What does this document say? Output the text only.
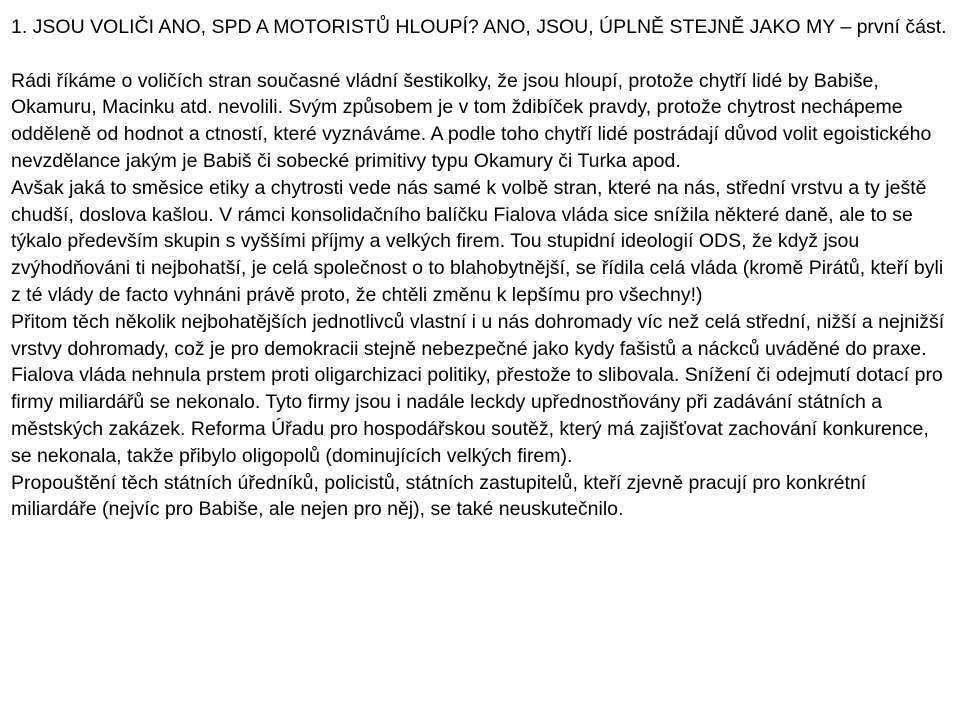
1. JSOU VOLIČI ANO, SPD A MOTORISTŮ HLOUPÍ? ANO, JSOU, ÚPLNĚ STEJNĚ JAKO MY – první část.

Rádi říkáme o voličích stran současné vládní šestikolky, že jsou hloupí, protože chytří lidé by Babiše, Okamuru, Macinku atd. nevolili. Svým způsobem je v tom ždibíček pravdy, protože chytrost nechápeme odděleně od hodnot a ctností, které vyznáváme. A podle toho chytří lidé postrádají důvod volit egoistického nevzdělance jakým je Babiš či sobecké primitivy typu Okamury či Turka apod.

Avšak jaká to směsice etiky a chytrosti vede nás samé k volbě stran, které na nás, střední vrstvu a ty ještě chudší, doslova kašlou. V rámci konsolidačního balíčku Fialova vláda sice snížila některé daně, ale to se týkalo především skupin s vyššími příjmy a velkých firem. Tou stupidní ideologií ODS, že když jsou zvýhodňováni ti nejbohatší, je celá společnost o to blahobytnější, se řídila celá vláda (kromě Pirátů, kteří byli z té vlády de facto vyhnáni právě proto, že chtěli změnu k lepšímu pro všechny!)

Přitom těch několik nejbohatějších jednotlivců vlastní i u nás dohromady víc než celá střední, nižší a nejnižší vrstvy dohromady, což je pro demokracii stejně nebezpečné jako kydy fašistů a náckců uváděné do praxe.

Fialova vláda nehnula prstem proti oligarchizaci politiky, přestože to slibovala. Snížení či odejmutí dotací pro firmy miliardářů se nekonalo. Tyto firmy jsou i nadále leckdy upřednostňovány při zadávání státních a městských zakázek. Reforma Úřadu pro hospodářskou soutěž, který má zajišťovat zachování konkurence, se nekonala, takže přibylo oligopolů (dominujících velkých firem).

Propouštění těch státních úředníků, policistů, státních zastupitelů, kteří zjevně pracují pro konkrétní miliardáře (nejvíc pro Babiše, ale nejen pro něj), se také neuskutečnilo.
